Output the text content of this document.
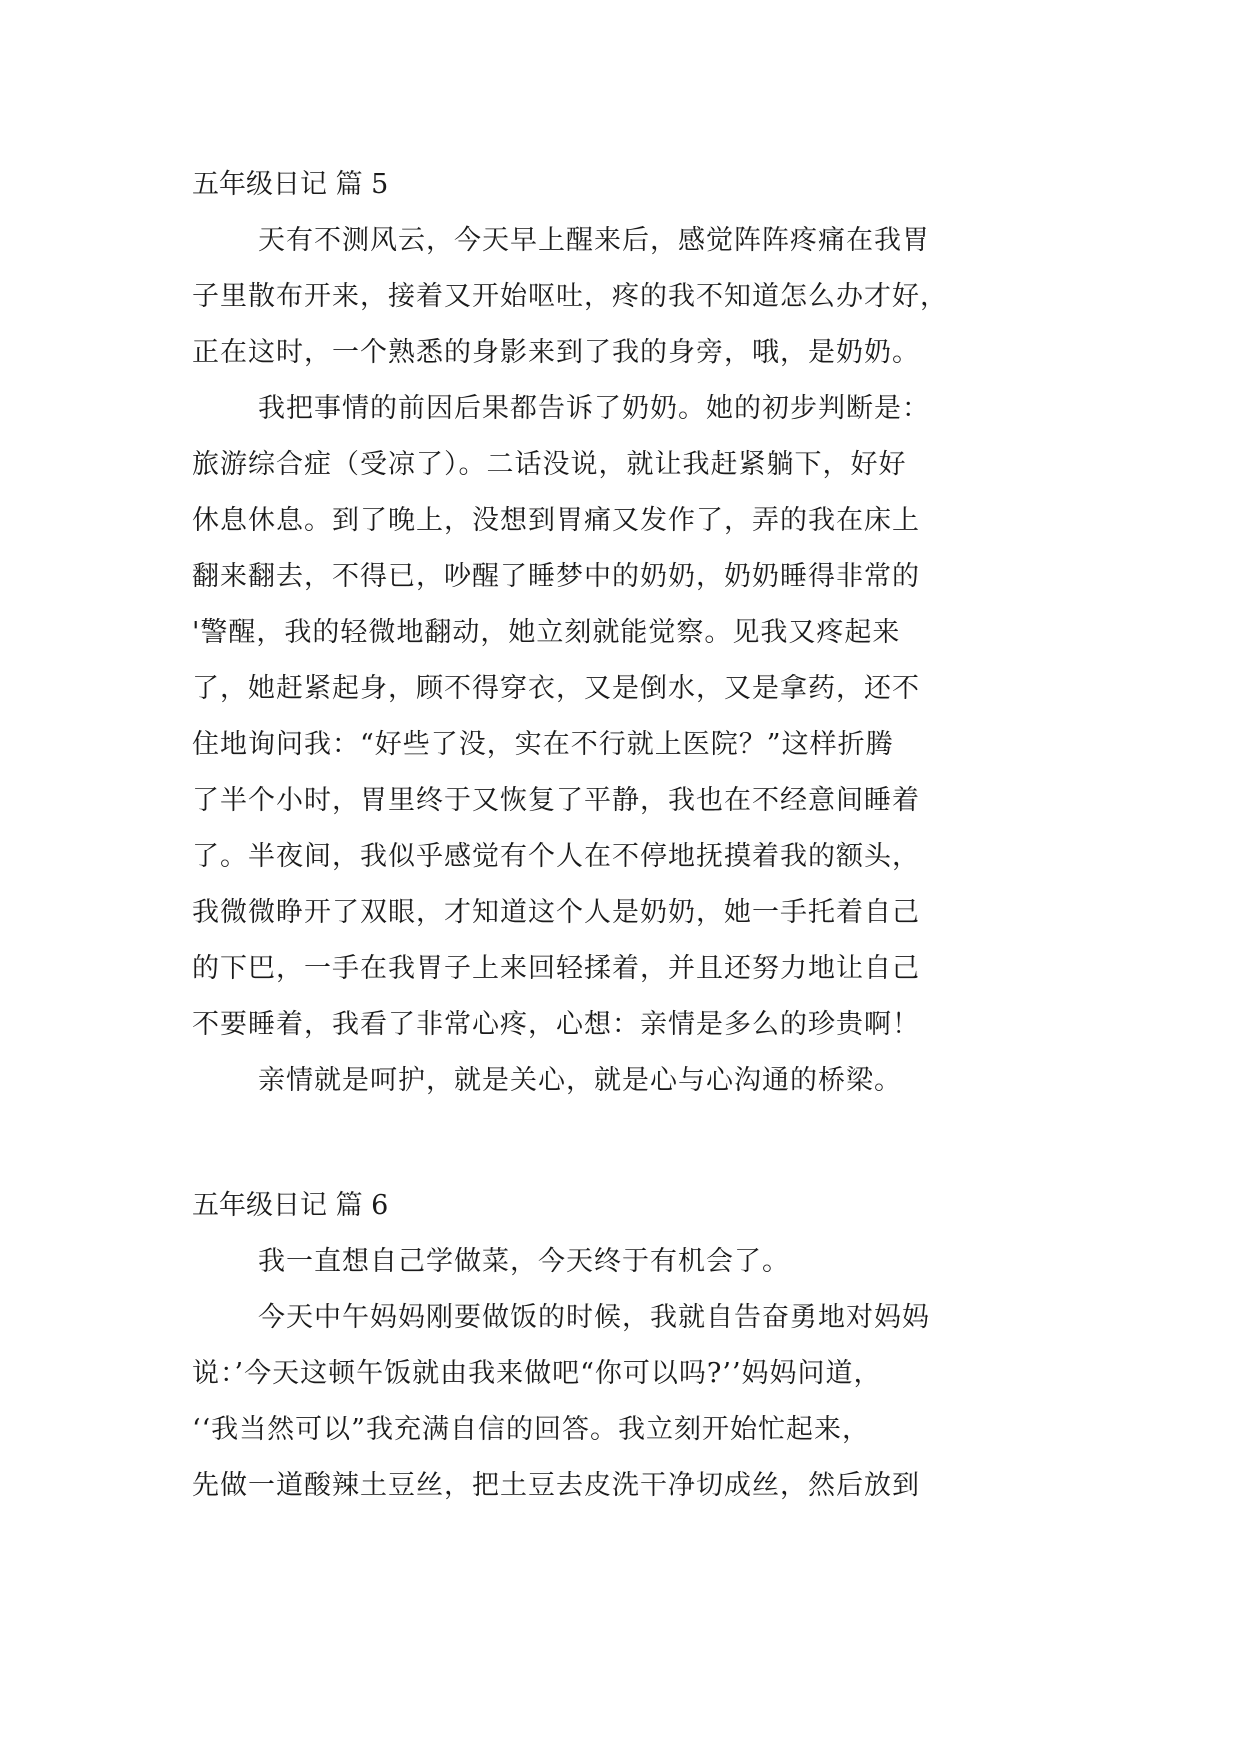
五年级日记 篇 5
天有不测风云，今天早上醒来后，感觉阵阵疼痛在我胃
子里散布开来，接着又开始呕吐，疼的我不知道怎么办才好，
正在这时，一个熟悉的身影来到了我的身旁，哦，是奶奶。
我把事情的前因后果都告诉了奶奶。她的初步判断是：
旅游综合症（受凉了）。二话没说，就让我赶紧躺下，好好
休息休息。到了晚上，没想到胃痛又发作了，弄的我在床上
翻来翻去，不得已，吵醒了睡梦中的奶奶，奶奶睡得非常的
'警醒，我的轻微地翻动，她立刻就能觉察。见我又疼起来
了，她赶紧起身，顾不得穿衣，又是倒水，又是拿药，还不
住地询问我：“好些了没，实在不行就上医院？”这样折腾
了半个小时，胃里终于又恢复了平静，我也在不经意间睡着
了。半夜间，我似乎感觉有个人在不停地抚摸着我的额头，
我微微睁开了双眼，才知道这个人是奶奶，她一手托着自己
的下巴，一手在我胃子上来回轻揉着，并且还努力地让自己
不要睡着，我看了非常心疼，心想：亲情是多么的珍贵啊！
亲情就是呵护，就是关心，就是心与心沟通的桥梁。
五年级日记 篇 6
我一直想自己学做菜，今天终于有机会了。
今天中午妈妈刚要做饭的时候，我就自告奋勇地对妈妈
说：’今天这顿午饭就由我来做吧“你可以吗?’’妈妈问道，
‘‘我当然可以”我充满自信的回答。我立刻开始忙起来，
先做一道酸辣土豆丝，把土豆去皮洗干净切成丝，然后放到
